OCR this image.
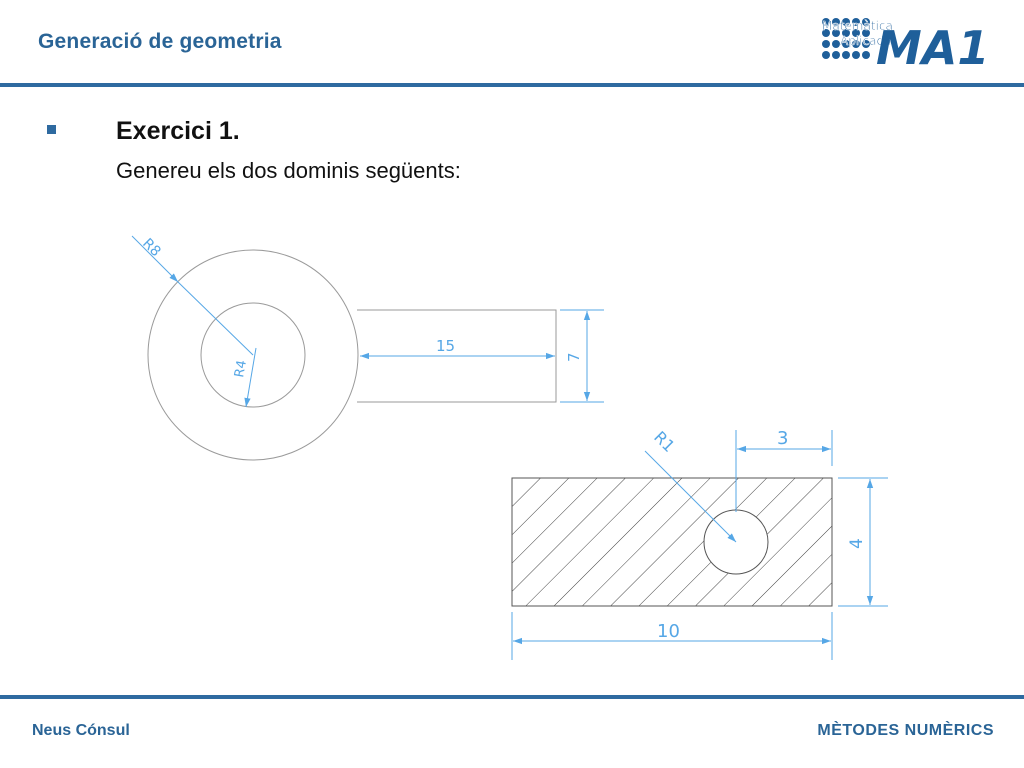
Generació de geometria
Matemàtica
Aplicada
MA1
Exercici 1.
Genereu els dos dominis següents:
R8
R4
15
7
R1	3
4
10
Neus Cónsul	MÈTODES NUMÈRICS
